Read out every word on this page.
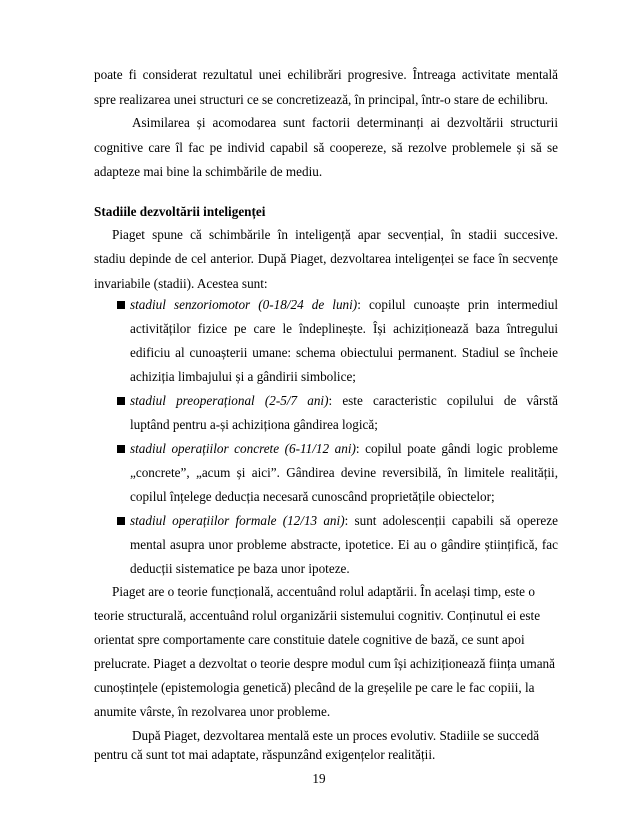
poate fi considerat rezultatul unei echilibrări progresive. Întreaga activitate mentală
spre realizarea unei structuri ce se concretizează, în principal, într-o stare de echilibru.
Asimilarea și acomodarea sunt factorii determinanți ai dezvoltării structurii
cognitive care îl fac pe individ capabil să coopereze, să rezolve problemele și să se
adapteze mai bine la schimbările de mediu.
Stadiile dezvoltării inteligenței
Piaget spune că schimbările în inteligență apar secvențial, în stadii succesive.
stadiu depinde de cel anterior. După Piaget, dezvoltarea inteligenței se face în secvențe
invariabile (stadii). Acestea sunt:
stadiul senzoriomotor (0-18/24 de luni): copilul cunoaște prin intermediul
activităților fizice pe care le îndeplinește. Își achiziționează baza întregului
edificiu al cunoașterii umane: schema obiectului permanent. Stadiul se încheie
achiziția limbajului și a gândirii simbolice;
stadiul preoperațional (2-5/7 ani): este caracteristic copilului de vârstă
luptând pentru a-și achiziționa gândirea logică;
stadiul operațiilor concrete (6-11/12 ani): copilul poate gândi logic probleme
„concrete”, „acum și aici”. Gândirea devine reversibilă, în limitele realității,
copilul înțelege deducția necesară cunoscând proprietățile obiectelor;
stadiul operațiilor formale (12/13 ani): sunt adolescenții capabili să opereze
mental asupra unor probleme abstracte, ipotetice. Ei au o gândire științifică, fac
deducții sistematice pe baza unor ipoteze.
Piaget are o teorie funcțională, accentuând rolul adaptării. În același timp, este o
teorie structurală, accentuând rolul organizării sistemului cognitiv. Conținutul ei este
orientat spre comportamente care constituie datele cognitive de bază, ce sunt apoi
prelucrate. Piaget a dezvoltat o teorie despre modul cum își achiziționează ființa umană
cunoștințele (epistemologia genetică) plecând de la greșelile pe care le fac copiii, la
anumite vârste, în rezolvarea unor probleme.
După Piaget, dezvoltarea mentală este un proces evolutiv. Stadiile se succedă
pentru că sunt tot mai adaptate, răspunzând exigențelor realității.
19
